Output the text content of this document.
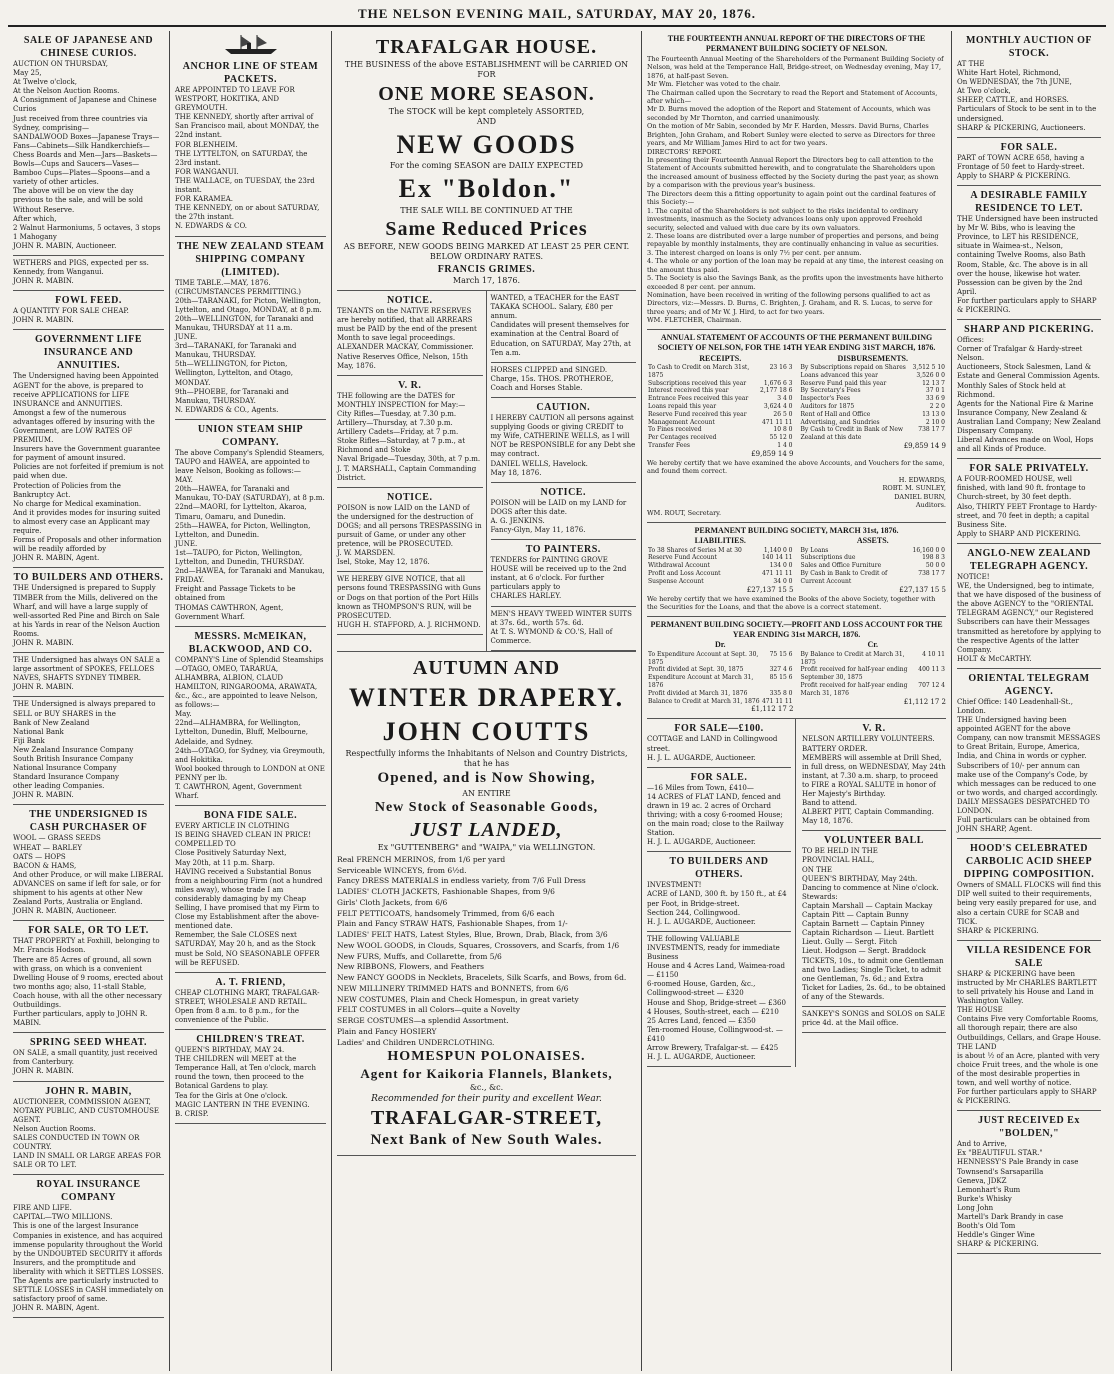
THE NELSON EVENING MAIL, SATURDAY, MAY 20, 1876.
SALE OF JAPANESE AND CHINESE CURIOS.
AUCTION ON THURSDAY,
May 25,
At Twelve o'clock,
At the Nelson Auction Rooms.
A Consignment of Japanese and Chinese Curios
Just received from three countries via Sydney, comprising—
SANDALWOOD Boxes—Japanese Trays—Fans—Cabinets—Silk Handkerchiefs—Chess Boards and Men—Jars—Baskets—Bowls—Cups and Saucers—Vases—Bamboo Cups—Plates—Spoons—and a variety of other articles.
The above will be on view the day previous to the sale, and will be sold Without Reserve.
After which,
2 Walnut Harmoniums, 5 octaves, 3 stops
1 Mahogany
JOHN R. MABIN, Auctioneer.
WETHERS and PIGS, expected per ss. Kennedy, from Wanganui.
JOHN R. MABIN.
FOWL FEED.
A QUANTITY FOR SALE CHEAP.
JOHN R. MABIN.
GOVERNMENT LIFE INSURANCE AND ANNUITIES.
The Undersigned having been Appointed AGENT for the above, is prepared to receive APPLICATIONS for LIFE INSURANCE and ANNUITIES.
Amongst a few of the numerous advantages offered by insuring with the Government, are LOW RATES OF PREMIUM.
Insurers have the Government guarantee for payment of amount insured.
Policies are not forfeited if premium is not paid when due.
Protection of Policies from the Bankruptcy Act.
No charge for Medical examination.
And it provides modes for insuring suited to almost every case an Applicant may require.
Forms of Proposals and other information will be readily afforded by
JOHN R. MABIN, Agent.
TO BUILDERS AND OTHERS.
THE Undersigned is prepared to Supply TIMBER from the Mills, delivered on the Wharf, and will have a large supply of well-assorted Red Pine and Birch on Sale at his Yards in rear of the Nelson Auction Rooms.
JOHN R. MABIN.
THE Undersigned has always ON SALE a large assortment of SPOKES, FELLOES NAVES, SHAFTS SYDNEY TIMBER.
JOHN R. MABIN.
THE Undersigned is always prepared to SELL or BUY SHARES in the
Bank of New Zealand
National Bank
Fiji Bank
New Zealand Insurance Company
South British Insurance Company
National Insurance Company
Standard Insurance Company
other leading Companies.
JOHN R. MABIN.
THE UNDERSIGNED IS CASH PURCHASER OF
WOOL — GRASS SEEDS
WHEAT — BARLEY
OATS — HOPS
BACON & HAMS,
And other Produce, or will make LIBERAL ADVANCES on same if left for sale, or for shipment to his agents at other New Zealand Ports, Australia or England.
JOHN R. MABIN, Auctioneer.
FOR SALE, OR TO LET.
THAT PROPERTY at Foxhill, belonging to Mr. Francis Hodson.
There are 85 Acres of ground, all sown with grass, on which is a convenient Dwelling House of 9 rooms, erected about two months ago; also, 11-stall Stable, Coach house, with all the other necessary Outbuildings.
Further particulars, apply to JOHN R. MABIN.
SPRING SEED WHEAT.
ON SALE, a small quantity, just received from Canterbury.
JOHN R. MABIN.
JOHN R. MABIN,
AUCTIONEER, COMMISSION AGENT, NOTARY PUBLIC, AND CUSTOMHOUSE AGENT.
Nelson Auction Rooms.
SALES CONDUCTED IN TOWN OR COUNTRY.
LAND IN SMALL OR LARGE AREAS FOR SALE OR TO LET.
ROYAL INSURANCE COMPANY
FIRE AND LIFE.
CAPITAL—TWO MILLIONS.
This is one of the largest Insurance Companies in existence, and has acquired immense popularity throughout the World by the UNDOUBTED SECURITY it affords Insurers, and the promptitude and liberality with which it SETTLES LOSSES.
The Agents are particularly instructed to SETTLE LOSSES in CASH immediately on satisfactory proof of same.
JOHN R. MABIN, Agent.
ANCHOR LINE OF STEAM PACKETS.
ARE APPOINTED TO LEAVE FOR WESTPORT, HOKITIKA, AND GREYMOUTH.
THE KENNEDY, shortly after arrival of San Francisco mail, about MONDAY, the 22nd instant.
FOR BLENHEIM.
THE LYTTELTON, on SATURDAY, the 23rd instant.
FOR WANGANUI.
THE WALLACE, on TUESDAY, the 23rd instant.
FOR KARAMEA.
THE KENNEDY, on or about SATURDAY, the 27th instant.
N. EDWARDS & CO.
THE NEW ZEALAND STEAM SHIPPING COMPANY (LIMITED).
TIME TABLE.—MAY, 1876.
(CIRCUMSTANCES PERMITTING.)
20th—TARANAKI, for Picton, Wellington, Lyttelton, and Otago, MONDAY, at 8 p.m.
20th—WELLINGTON, for Taranaki and Manukau, THURSDAY at 11 a.m.
JUNE.
3rd—TARANAKI, for Taranaki and Manukau, THURSDAY.
5th—WELLINGTON, for Picton, Wellington, Lyttelton, and Otago, MONDAY.
9th—PHOEBE, for Taranaki and Manukau, THURSDAY.
N. EDWARDS & CO., Agents.
UNION STEAM SHIP COMPANY.
The above Company's Splendid Steamers, TAUPO and HAWEA, are appointed to leave Nelson, Booking as follows:—
MAY.
20th—HAWEA, for Taranaki and Manukau, TO-DAY (SATURDAY), at 8 p.m.
22nd—MAORI, for Lyttelton, Akaroa, Timaru, Oamaru, and Dunedin.
25th—HAWEA, for Picton, Wellington, Lyttelton, and Dunedin.
JUNE.
1st—TAUPO, for Picton, Wellington, Lyttelton, and Dunedin, THURSDAY.
2nd—HAWEA, for Taranaki and Manukau, FRIDAY.
Freight and Passage Tickets to be obtained from
THOMAS CAWTHRON, Agent, Government Wharf.
MESSRS. McMEIKAN, BLACKWOOD, AND CO.
COMPANY'S Line of Splendid Steamships—OTAGO, OMEO, TARARUA, ALHAMBRA, ALBION, CLAUD HAMILTON, RINGAROOMA, ARAWATA, &c., &c., are appointed to leave Nelson, as follows:—
May.
22nd—ALHAMBRA, for Wellington, Lyttelton, Dunedin, Bluff, Melbourne, Adelaide, and Sydney.
24th—OTAGO, for Sydney, via Greymouth, and Hokitika.
Wool booked through to LONDON at ONE PENNY per lb.
T. CAWTHRON, Agent, Government Wharf.
BONA FIDE SALE.
EVERY ARTICLE IN CLOTHING
IS BEING SHAVED CLEAN IN PRICE!
COMPELLED TO
Close Positively Saturday Next,
May 20th, at 11 p.m. Sharp.
HAVING received a Substantial Bonus from a neighbouring Firm (not a hundred miles away), whose trade I am considerably damaging by my Cheap Selling, I have promised that my Firm to Close my Establishment after the above-mentioned date.
Remember, the Sale CLOSES next SATURDAY, May 20 h, and as the Stock must be Sold, NO SEASONABLE OFFER will be REFUSED.
A. T. FRIEND,
CHEAP CLOTHING MART, TRAFALGAR-STREET, WHOLESALE AND RETAIL.
Open from 8 a.m. to 8 p.m., for the convenience of the Public.
CHILDREN'S TREAT.
QUEEN'S BIRTHDAY, MAY 24.
THE CHILDREN will MEET at the Temperance Hall, at Ten o'clock, march round the town, then proceed to the Botanical Gardens to play.
Tea for the Girls at One o'clock.
MAGIC LANTERN IN THE EVENING.
B. CRISP.
TRAFALGAR HOUSE.
THE BUSINESS of the above ESTABLISHMENT will be CARRIED ON
FOR
ONE MORE SEASON.
The STOCK will be kept completely ASSORTED,
AND
NEW GOODS
For the coming SEASON are DAILY EXPECTED
Ex "Boldon."
THE SALE WILL BE CONTINUED AT THE
Same Reduced Prices
AS BEFORE, NEW GOODS BEING MARKED AT LEAST 25 PER CENT. BELOW ORDINARY RATES.
FRANCIS GRIMES.
March 17, 1876.
NOTICE.
TENANTS on the NATIVE RESERVES are hereby notified, that all ARREARS must be PAID by the end of the present Month to save legal proceedings.
ALEXANDER MACKAY, Commissioner.
Native Reserves Office, Nelson, 15th May, 1876.
V. R.
THE following are the DATES for MONTHLY INSPECTION for May:—
City Rifles—Tuesday, at 7.30 p.m.
Artillery—Thursday, at 7.30 p.m.
Artillery Cadets—Friday, at 7 p.m.
Stoke Rifles—Saturday, at 7 p.m., at Richmond and Stoke
Naval Brigade—Tuesday, 30th, at 7 p.m.
J. T. MARSHALL, Captain Commanding District.
NOTICE.
POISON is now LAID on the LAND of the undersigned for the destruction of DOGS; and all persons TRESPASSING in pursuit of Game, or under any other pretence, will be PROSECUTED.
J. W. MARSDEN.
Isel, Stoke, May 12, 1876.
WE HEREBY GIVE NOTICE, that all persons found TRESPASSING with Guns or Dogs on that portion of the Port Hills known as THOMPSON'S RUN, will be PROSECUTED.
HUGH H. STAFFORD, A. J. RICHMOND.
WANTED, a TEACHER for the EAST TAKAKA SCHOOL. Salary, £80 per annum.
Candidates will present themselves for examination at the Central Board of Education, on SATURDAY, May 27th, at Ten a.m.
HORSES CLIPPED and SINGED. Charge, 15s. THOS. PROTHEROE, Coach and Horses Stable.
CAUTION.
I HEREBY CAUTION all persons against supplying Goods or giving CREDIT to my Wife, CATHERINE WELLS, as I will NOT be RESPONSIBLE for any Debt she may contract.
DANIEL WELLS, Havelock.
May 18, 1876.
NOTICE.
POISON will be LAID on my LAND for DOGS after this date.
A. G. JENKINS.
Fancy-Glyn, May 11, 1876.
TO PAINTERS.
TENDERS for PAINTING GROVE HOUSE will be received up to the 2nd instant, at 6 o'clock. For further particulars apply to
CHARLES HARLEY.
MEN'S HEAVY TWEED WINTER SUITS at 37s. 6d., worth 57s. 6d.
At T. S. WYMOND & CO.'S, Hall of Commerce.
AUTUMN AND
WINTER DRAPERY.
JOHN COUTTS
Respectfully informs the Inhabitants of Nelson and Country Districts, that he has
Opened, and is Now Showing,
AN ENTIRE
New Stock of Seasonable Goods,
JUST LANDED,
Ex "GUTTENBERG" and "WAIPA," via WELLINGTON.
Real FRENCH MERINOS, from 1/6 per yard
Serviceable WINCEYS, from 6½d.
Fancy DRESS MATERIALS in endless variety, from 7/6 Full Dress
LADIES' CLOTH JACKETS, Fashionable Shapes, from 9/6
Girls' Cloth Jackets, from 6/6
FELT PETTICOATS, handsomely Trimmed, from 6/6 each
Plain and Fancy STRAW HATS, Fashionable Shapes, from 1/-
LADIES' FELT HATS, Latest Styles, Blue, Brown, Drab, Black, from 3/6
New WOOL GOODS, in Clouds, Squares, Crossovers, and Scarfs, from 1/6
New FURS, Muffs, and Collarette, from 5/6
New RIBBONS, Flowers, and Feathers
New FANCY GOODS in Necklets, Bracelets, Silk Scarfs, and Bows, from 6d.
NEW MILLINERY TRIMMED HATS and BONNETS, from 6/6
NEW COSTUMES, Plain and Check Homespun, in great variety
FELT COSTUMES in all Colors—quite a Novelty
SERGE COSTUMES—a splendid Assortment.
Plain and Fancy HOSIERY
Ladies' and Children UNDERCLOTHING.
HOMESPUN POLONAISES.
Agent for Kaikoria Flannels, Blankets,
&c., &c.
Recommended for their purity and excellent Wear.
TRAFALGAR-STREET,
Next Bank of New South Wales.
THE FOURTEENTH ANNUAL REPORT OF THE DIRECTORS OF THE PERMANENT BUILDING SOCIETY OF NELSON.
The Fourteenth Annual Meeting of the Shareholders of the Permanent Building Society of Nelson, was held at the Temperance Hall, Bridge-street, on Wednesday evening, May 17, 1876, at half-past Seven.
Mr Wm. Fletcher was voted to the chair.
The Chairman called upon the Secretary to read the Report and Statement of Accounts, after which—
Mr D. Burns moved the adoption of the Report and Statement of Accounts, which was seconded by Mr Thornton, and carried unanimously.
On the motion of Mr Sabin, seconded by Mr F. Harden, Messrs. David Burns, Charles Brighten, John Graham, and Robert Sunley were elected to serve as Directors for three years, and Mr William James Hird to act for two years.
DIRECTORS' REPORT.
In presenting their Fourteenth Annual Report the Directors beg to call attention to the Statement of Accounts submitted herewith, and to congratulate the Shareholders upon the increased amount of business effected by the Society during the past year, as shown by a comparison with the previous year's business.
The Directors deem this a fitting opportunity to again point out the cardinal features of this Society:—
1. The capital of the Shareholders is not subject to the risks incidental to ordinary investments, inasmuch as the Society advances loans only upon approved Freehold security, selected and valued with due care by its own valuators.
2. These loans are distributed over a large number of properties and persons, and being repayable by monthly instalments, they are continually enhancing in value as securities.
3. The interest charged on loans is only 7½ per cent. per annum.
4. The whole or any portion of the loan may be repaid at any time, the interest ceasing on the amount thus paid.
5. The Society is also the Savings Bank, as the profits upon the investments have hitherto exceeded 8 per cent. per annum.
Nomination, have been received in writing of the following persons qualified to act as Directors, viz:—Messrs. D. Burns, C. Brighten, J. Graham, and R. S. Lucas, to serve for three years; and of Mr W. J. Hird, to act for two years.
WM. FLETCHER, Chairman.
ANNUAL STATEMENT OF ACCOUNTS OF THE PERMANENT BUILDING SOCIETY OF NELSON, FOR THE 14TH YEAR ENDING 31ST MARCH, 1876.
RECEIPTS.
To Cash to Credit on March 31st, 1875	23 16 3
Subscriptions received this year	1,676 6 3
Interest received this year	2,177 18 6
Entrance Fees received this year	3 4 0
Loans repaid this year	3,624 4 0
Reserve Fund received this year	26 5 0
Management Account	471 11 11
To Fines received	10 8 0
Per Centages received	55 12 0
Transfer Fees	1 4 0
£9,859 14 9
DISBURSEMENTS.
By Subscriptions repaid on Shares	3,512 5 10
Loans advanced this year	3,526 0 0
Reserve Fund paid this year	12 13 7
By Secretary's Fees	37 0 1
Inspector's Fees	33 6 9
Auditors for 1875	2 2 0
Rent of Hall and Office	13 13 0
Advertising, and Sundries	2 10 0
By Cash to Credit in Bank of New Zealand at this date	738 17 7
£9,859 14 9
We hereby certify that we have examined the above Accounts, and Vouchers for the same, and found them correct.
H. EDWARDS,
ROBT. M. SUNLEY,
DANIEL BURN,
Auditors.
WM. ROUT, Secretary.
PERMANENT BUILDING SOCIETY, MARCH 31st, 1876.
LIABILITIES.
To 38 Shares of Series M at 30	1,140 0 0
Reserve Fund Account	140 14 11
Withdrawal Account	134 0 0
Profit and Loss Account	471 11 11
Suspense Account	34 0 0
£27,137 15 5
ASSETS.
By Loans	16,160 0 0
Subscriptions due	198 8 3
Sales and Office Furniture	50 0 0
By Cash in Bank to Credit of Current Account	738 17 7
£27,137 15 5
We hereby certify that we have examined the Books of the above Society, together with the Securities for the Loans, and that the above is a correct statement.
PERMANENT BUILDING SOCIETY.—PROFIT AND LOSS ACCOUNT FOR THE YEAR ENDING 31st MARCH, 1876.
Dr.
To Expenditure Account at Sept. 30, 1875	75 15 6
Profit divided at Sept. 30, 1875	327 4 6
Expenditure Account at March 31, 1876	85 15 6
Profit divided at March 31, 1876	335 8 0
Balance to Credit at March 31, 1876	471 11 11
£1,112 17 2
Cr.
By Balance to Credit at March 31, 1875	4 10 11
Profit received for half-year ending September 30, 1875	400 11 3
Profit received for half-year ending March 31, 1876	707 12 4
£1,112 17 2
FOR SALE—£100.
COTTAGE and LAND in Collingwood street.
H. J. L. AUGARDE, Auctioneer.
FOR SALE.
—16 Miles from Town, £410—
14 ACRES of FLAT LAND, fenced and drawn in 19 ac. 2 acres of Orchard thriving; with a cosy 6-roomed House; on the main road; close to the Railway Station.
H. J. L. AUGARDE, Auctioneer.
TO BUILDERS AND OTHERS.
INVESTMENT!
ACRE of LAND, 300 ft. by 150 ft., at £4 per Foot, in Bridge-street.
Section 244, Collingwood.
H. J. L. AUGARDE, Auctioneer.
THE following VALUABLE INVESTMENTS, ready for immediate Business
House and 4 Acres Land, Waimea-road — £1150
6-roomed House, Garden, &c., Collingwood-street — £320
House and Shop, Bridge-street — £360
4 Houses, South-street, each — £210
25 Acres Land, fenced — £350
Ten-roomed House, Collingwood-st. — £410
Arrow Brewery, Trafalgar-st. — £425
H. J. L. AUGARDE, Auctioneer.
V. R.
NELSON ARTILLERY VOLUNTEERS.
BATTERY ORDER.
MEMBERS will assemble at Drill Shed, in full dress, on WEDNESDAY, May 24th instant, at 7.30 a.m. sharp, to proceed to FIRE a ROYAL SALUTE in honor of Her Majesty's Birthday.
Band to attend.
ALBERT PITT, Captain Commanding.
May 18, 1876.
VOLUNTEER BALL
TO BE HELD IN THE
PROVINCIAL HALL,
ON THE
QUEEN'S BIRTHDAY, May 24th.
Dancing to commence at Nine o'clock.
Stewards:
Captain Marshall — Captain Mackay
Captain Pitt — Captain Bunny
Captain Barnett — Captain Pinney
Captain Richardson — Lieut. Bartlett
Lieut. Gully — Sergt. Fitch
Lieut. Hodgson — Sergt. Braddock
TICKETS, 10s., to admit one Gentleman and two Ladies; Single Ticket, to admit one Gentleman, 7s. 6d.; and Extra Ticket for Ladies, 2s. 6d., to be obtained of any of the Stewards.
SANKEY'S SONGS and SOLOS on SALE price 4d. at the Mail office.
MONTHLY AUCTION OF STOCK.
AT THE
White Hart Hotel, Richmond,
On WEDNESDAY, the 7th JUNE,
At Two o'clock,
SHEEP, CATTLE, and HORSES.
Particulars of Stock to be sent in to the undersigned.
SHARP & PICKERING, Auctioneers.
FOR SALE.
PART of TOWN ACRE 658, having a Frontage of 50 feet to Hardy-street.
Apply to SHARP & PICKERING.
A DESIRABLE FAMILY RESIDENCE TO LET.
THE Undersigned have been instructed by Mr W. Bibs, who is leaving the Province, to LET his RESIDENCE, situate in Waimea-st., Nelson, containing Twelve Rooms, also Bath Room, Stable, &c. The above is in all over the house, likewise hot water.
Possession can be given by the 2nd April.
For further particulars apply to SHARP & PICKERING.
SHARP AND PICKERING.
Offices:
Corner of Trafalgar & Hardy-street
Nelson.
Auctioneers, Stock Salesmen, Land & Estate and General Commission Agents.
Monthly Sales of Stock held at Richmond.
Agents for the National Fire & Marine Insurance Company, New Zealand & Australian Land Company; New Zealand Dispensary Company.
Liberal Advances made on Wool, Hops and all Kinds of Produce.
FOR SALE PRIVATELY.
A FOUR-ROOMED HOUSE, well finished, with land 90 ft. frontage to Church-street, by 30 feet depth.
Also, THIRTY FEET Frontage to Hardy-street, and 70 feet in depth; a capital Business Site.
Apply to SHARP AND PICKERING.
ANGLO-NEW ZEALAND TELEGRAPH AGENCY.
NOTICE!
WE, the Undersigned, beg to intimate, that we have disposed of the business of the above AGENCY to the "ORIENTAL TELEGRAM AGENCY," our Registered Subscribers can have their Messages transmitted as heretofore by applying to the respective Agents of the latter Company.
HOLT & McCARTHY.
ORIENTAL TELEGRAM AGENCY.
Chief Office: 140 Leadenhall-St., London.
THE Undersigned having been appointed AGENT for the above Company, can now transmit MESSAGES to Great Britain, Europe, America, India, and China in words or cypher.
Subscribers of 10/- per annum can make use of the Company's Code, by which messages can be reduced to one or two words, and charged accordingly.
DAILY MESSAGES DESPATCHED TO LONDON.
Full particulars can be obtained from JOHN SHARP, Agent.
HOOD'S CELEBRATED CARBOLIC ACID SHEEP DIPPING COMPOSITION.
Owners of SMALL FLOCKS will find this DIP well suited to their requirements, being very easily prepared for use, and also a certain CURE for SCAB and TICK.
SHARP & PICKERING.
VILLA RESIDENCE FOR SALE
SHARP & PICKERING have been instructed by Mr CHARLES BARTLETT to sell privately his House and Land in Washington Valley.
THE HOUSE
Contains Five very Comfortable Rooms, all thorough repair, there are also Outbuildings, Cellars, and Grape House.
THE LAND
is about ½ of an Acre, planted with very choice Fruit trees, and the whole is one of the most desirable properties in town, and well worthy of notice.
For further particulars apply to SHARP & PICKERING.
JUST RECEIVED Ex "BOLDEN,"
And to Arrive,
Ex "BEAUTIFUL STAR."
HENNESSY'S Pale Brandy in case
Townsend's Sarsaparilla
Geneva, JDKZ
Lemonhart's Rum
Burke's Whisky
Long John
Martell's Dark Brandy in case
Booth's Old Tom
Heddle's Ginger Wine
SHARP & PICKERING.
